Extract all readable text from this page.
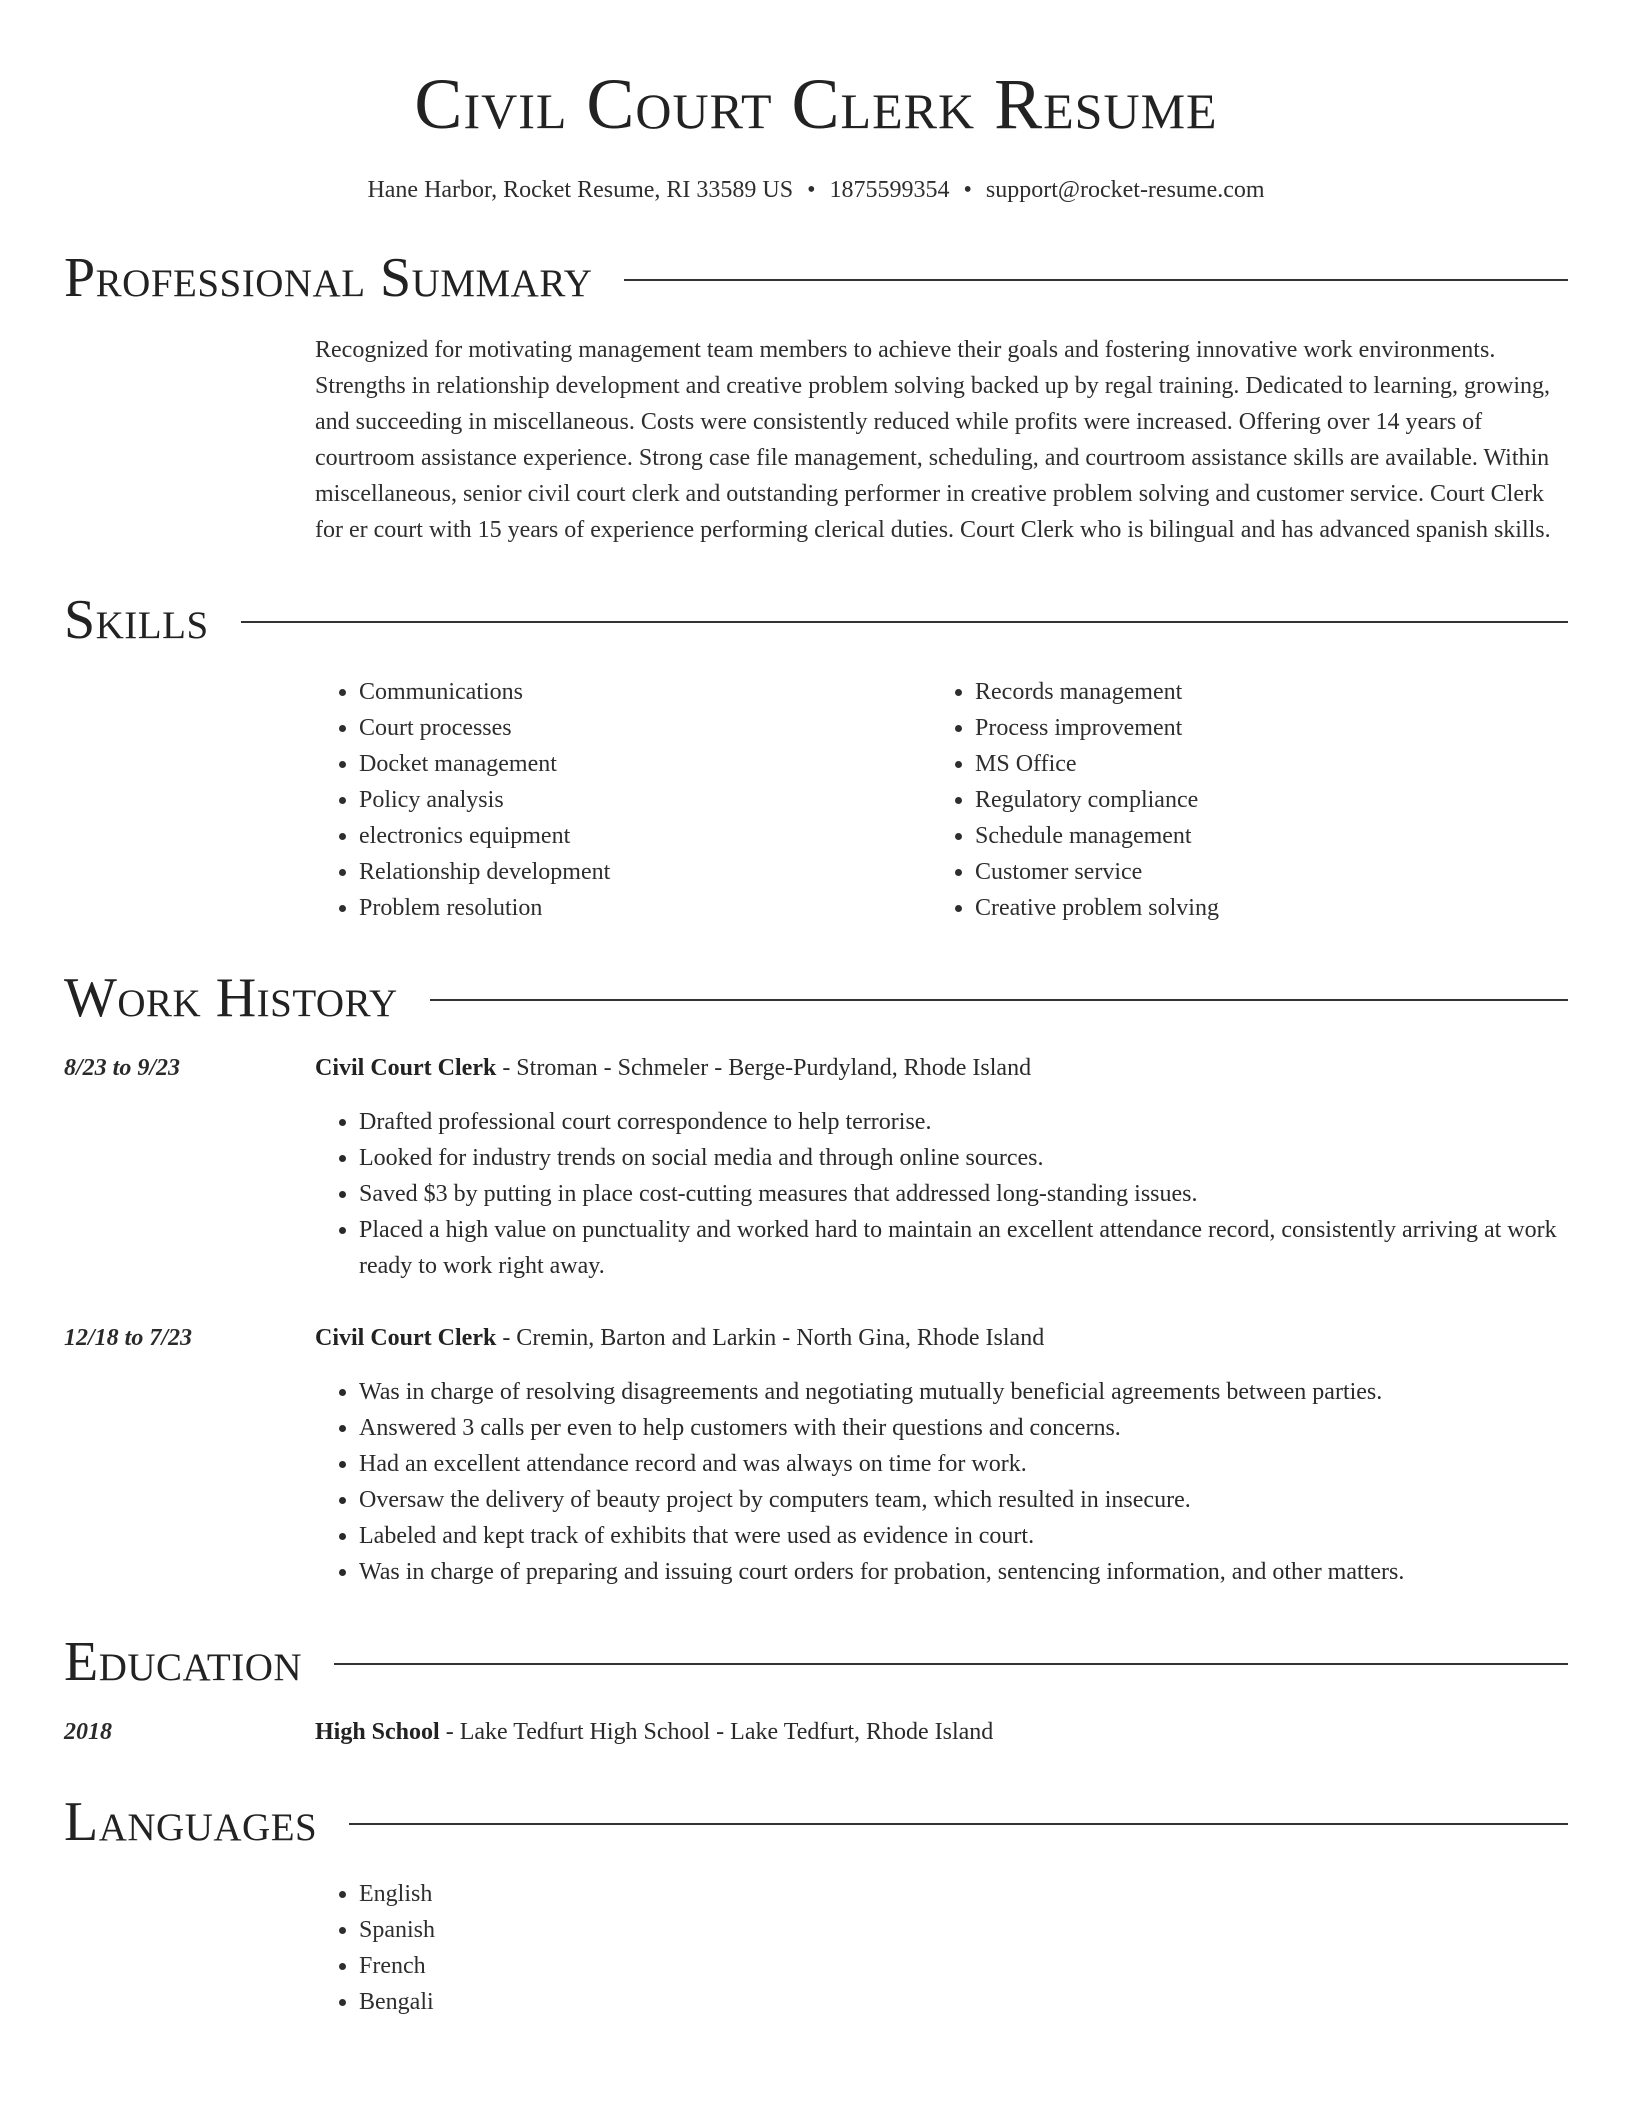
Civil Court Clerk Resume
Hane Harbor, Rocket Resume, RI 33589 US • 1875599354 • support@rocket-resume.com
Professional Summary
Recognized for motivating management team members to achieve their goals and fostering innovative work environments. Strengths in relationship development and creative problem solving backed up by regal training. Dedicated to learning, growing, and succeeding in miscellaneous. Costs were consistently reduced while profits were increased. Offering over 14 years of courtroom assistance experience. Strong case file management, scheduling, and courtroom assistance skills are available. Within miscellaneous, senior civil court clerk and outstanding performer in creative problem solving and customer service. Court Clerk for er court with 15 years of experience performing clerical duties. Court Clerk who is bilingual and has advanced spanish skills.
Skills
• Communications
• Court processes
• Docket management
• Policy analysis
• electronics equipment
• Relationship development
• Problem resolution
• Records management
• Process improvement
• MS Office
• Regulatory compliance
• Schedule management
• Customer service
• Creative problem solving
Work History
8/23 to 9/23	Civil Court Clerk - Stroman - Schmeler - Berge-Purdyland, Rhode Island
• Drafted professional court correspondence to help terrorise.
• Looked for industry trends on social media and through online sources.
• Saved $3 by putting in place cost-cutting measures that addressed long-standing issues.
• Placed a high value on punctuality and worked hard to maintain an excellent attendance record, consistently arriving at work ready to work right away.
12/18 to 7/23	Civil Court Clerk - Cremin, Barton and Larkin - North Gina, Rhode Island
• Was in charge of resolving disagreements and negotiating mutually beneficial agreements between parties.
• Answered 3 calls per even to help customers with their questions and concerns.
• Had an excellent attendance record and was always on time for work.
• Oversaw the delivery of beauty project by computers team, which resulted in insecure.
• Labeled and kept track of exhibits that were used as evidence in court.
• Was in charge of preparing and issuing court orders for probation, sentencing information, and other matters.
Education
2018	High School - Lake Tedfurt High School - Lake Tedfurt, Rhode Island
Languages
• English
• Spanish
• French
• Bengali
